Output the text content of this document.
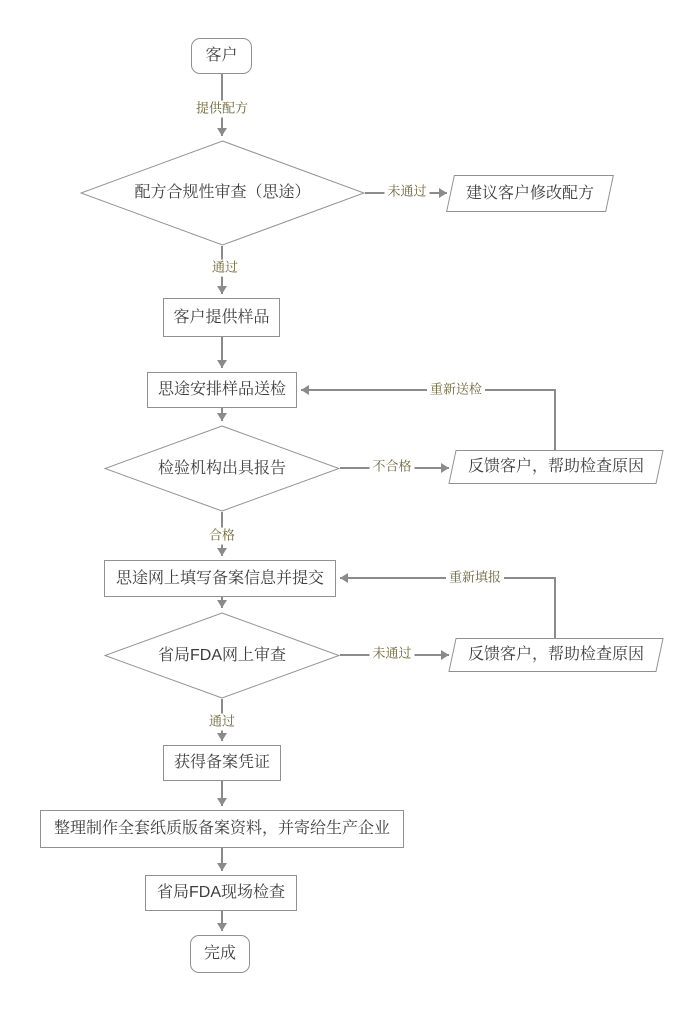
客户
配方合规性审查（思途）	建议客户修改配方
客户提供样品
思途安排样品送检
检验机构出具报告	反馈客户，帮助检查原因
思途网上填写备案信息并提交
省局FDA网上审查	反馈客户，帮助检查原因
获得备案凭证
整理制作全套纸质版备案资料，并寄给生产企业
省局FDA现场检查
完成
提供配方
未通过
通过
不合格
重新送检
合格
未通过
重新填报
通过
